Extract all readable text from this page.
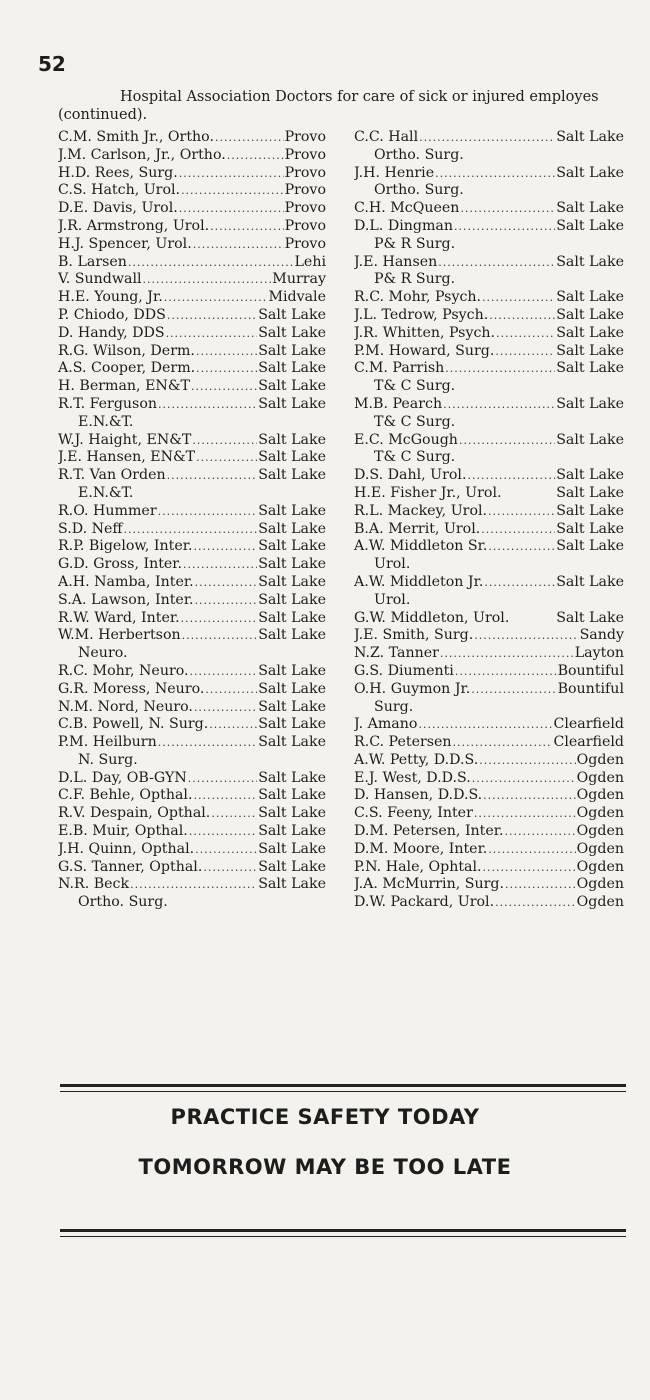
52
Hospital Association Doctors for care of sick or injured employes (continued).
C.M. Smith Jr., Ortho. .....	Provo
J.M. Carlson, Jr., Ortho. .....	Provo
H.D. Rees, Surg. .....	Provo
C.S. Hatch, Urol. .....	Provo
D.E. Davis, Urol. .....	Provo
J.R. Armstrong, Urol. .....	Provo
H.J. Spencer, Urol. .....	Provo
B. Larsen .....	Lehi
V. Sundwall .....	Murray
H.E. Young, Jr. .....	Midvale
P. Chiodo, DDS .....	Salt Lake
D. Handy, DDS .....	Salt Lake
R.G. Wilson, Derm. .....	Salt Lake
A.S. Cooper, Derm. .....	Salt Lake
H. Berman, EN&T .....	Salt Lake
R.T. Ferguson .....	Salt Lake
E.N.&T.
W.J. Haight, EN&T .....	Salt Lake
J.E. Hansen, EN&T .....	Salt Lake
R.T. Van Orden .....	Salt Lake
E.N.&T.
R.O. Hummer .....	Salt Lake
S.D. Neff .....	Salt Lake
R.P. Bigelow, Inter. .....	Salt Lake
G.D. Gross, Inter. .....	Salt Lake
A.H. Namba, Inter. .....	Salt Lake
S.A. Lawson, Inter. .....	Salt Lake
R.W. Ward, Inter. .....	Salt Lake
W.M. Herbertson .....	Salt Lake
Neuro.
R.C. Mohr, Neuro. .....	Salt Lake
G.R. Moress, Neuro. .....	Salt Lake
N.M. Nord, Neuro. .....	Salt Lake
C.B. Powell, N. Surg. .....	Salt Lake
P.M. Heilburn .....	Salt Lake
N. Surg.
D.L. Day, OB-GYN .....	Salt Lake
C.F. Behle, Opthal. .....	Salt Lake
R.V. Despain, Opthal. .....	Salt Lake
E.B. Muir, Opthal. .....	Salt Lake
J.H. Quinn, Opthal. .....	Salt Lake
G.S. Tanner, Opthal. .....	Salt Lake
N.R. Beck .....	Salt Lake
Ortho. Surg.
C.C. Hall .....	Salt Lake
Ortho. Surg.
J.H. Henrie .....	Salt Lake
Ortho. Surg.
C.H. McQueen .....	Salt Lake
D.L. Dingman .....	Salt Lake
P& R Surg.
J.E. Hansen .....	Salt Lake
P& R Surg.
R.C. Mohr, Psych. .....	Salt Lake
J.L. Tedrow, Psych. .....	Salt Lake
J.R. Whitten, Psych. .....	Salt Lake
P.M. Howard, Surg. .....	Salt Lake
C.M. Parrish .....	Salt Lake
T& C Surg.
M.B. Pearch .....	Salt Lake
T& C Surg.
E.C. McGough .....	Salt Lake
T& C Surg.
D.S. Dahl, Urol. .....	Salt Lake
H.E. Fisher Jr., Urol.	Salt Lake
R.L. Mackey, Urol. .....	Salt Lake
B.A. Merrit, Urol. .....	Salt Lake
A.W. Middleton Sr. .....	Salt Lake
Urol.
A.W. Middleton Jr. .....	Salt Lake
Urol.
G.W. Middleton, Urol.	Salt Lake
J.E. Smith, Surg. .....	Sandy
N.Z. Tanner .....	Layton
G.S. Diumenti .....	Bountiful
O.H. Guymon Jr. .....	Bountiful
Surg.
J. Amano .....	Clearfield
R.C. Petersen .....	Clearfield
A.W. Petty, D.D.S. .....	Ogden
E.J. West, D.D.S. .....	Ogden
D. Hansen, D.D.S. .....	Ogden
C.S. Feeny, Inter .....	Ogden
D.M. Petersen, Inter. .....	Ogden
D.M. Moore, Inter. .....	Ogden
P.N. Hale, Ophtal. .....	Ogden
J.A. McMurrin, Surg. .....	Ogden
D.W. Packard, Urol. .....	Ogden
PRACTICE SAFETY TODAY
TOMORROW MAY BE TOO LATE
